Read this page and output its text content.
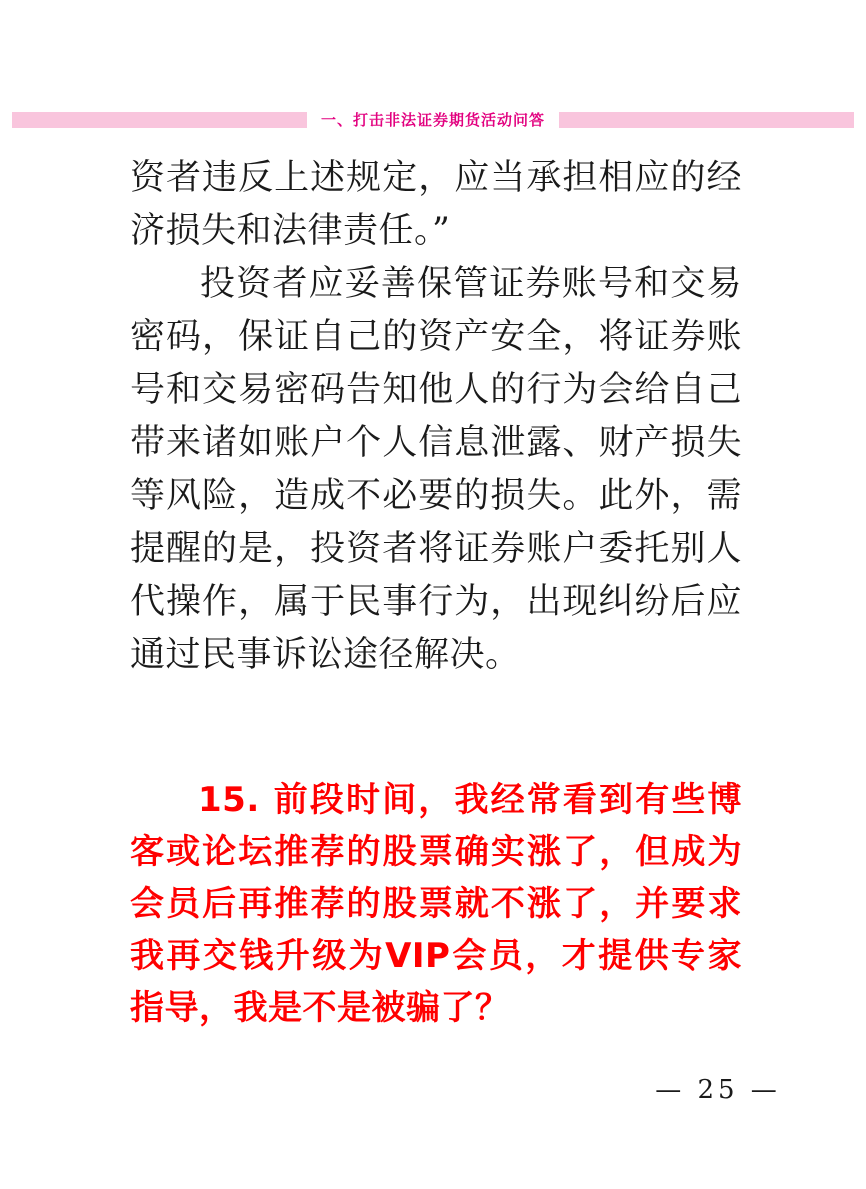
一、打击非法证券期货活动问答

资者违反上述规定，应当承担相应的经济损失和法律责任。”

投资者应妥善保管证券账号和交易密码，保证自己的资产安全，将证券账号和交易密码告知他人的行为会给自己带来诸如账户个人信息泄露、财产损失等风险，造成不必要的损失。此外，需提醒的是，投资者将证券账户委托别人代操作，属于民事行为，出现纠纷后应通过民事诉讼途径解决。

15. 前段时间，我经常看到有些博客或论坛推荐的股票确实涨了，但成为会员后再推荐的股票就不涨了，并要求我再交钱升级为VIP会员，才提供专家指导，我是不是被骗了？

— 25 —
